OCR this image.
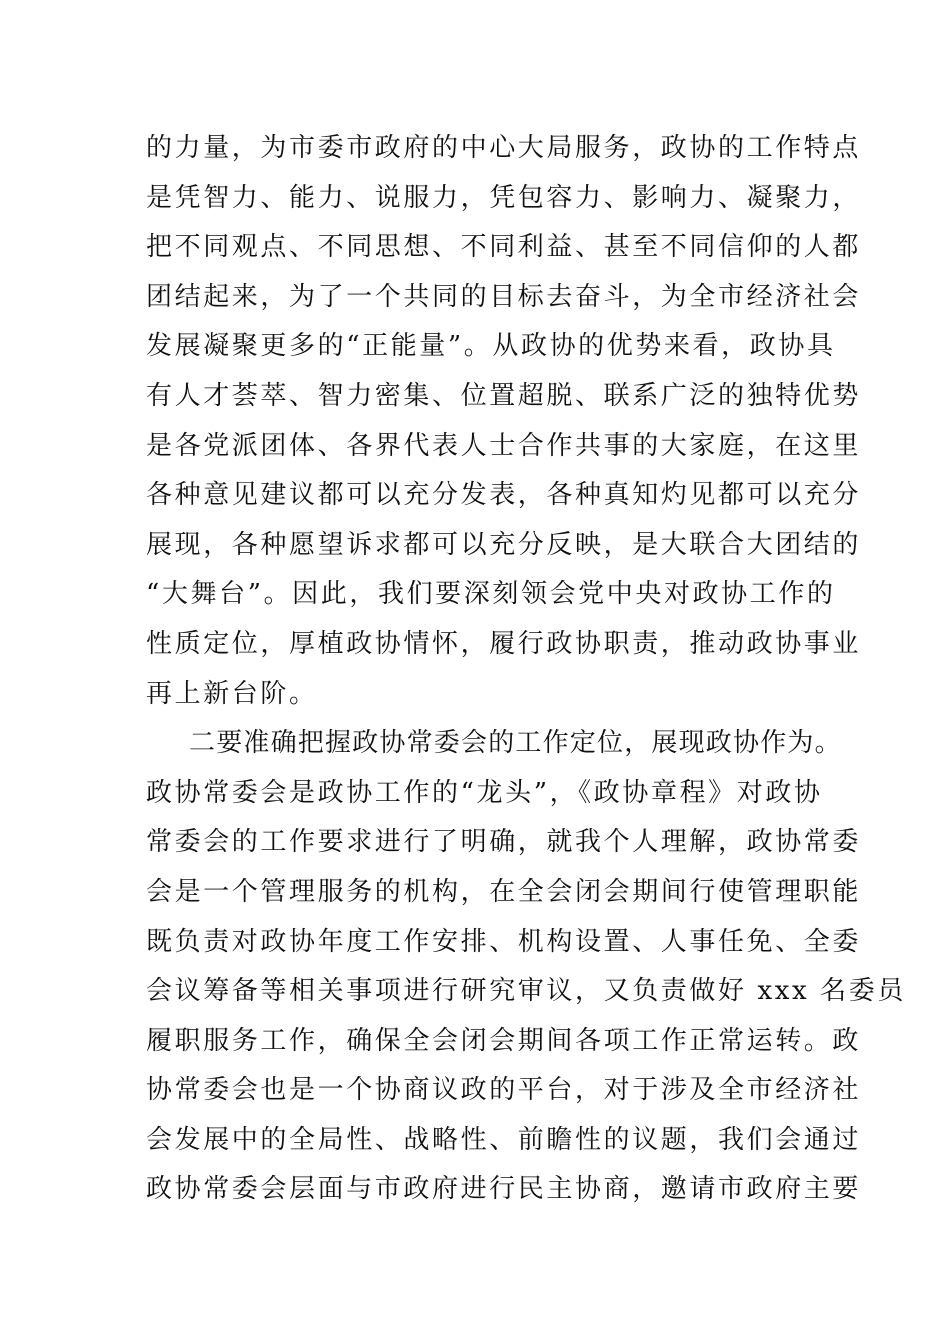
的力量，为市委市政府的中心大局服务，政协的工作特点
是凭智力、能力、说服力，凭包容力、影响力、凝聚力，
把不同观点、不同思想、不同利益、甚至不同信仰的人都
团结起来，为了一个共同的目标去奋斗，为全市经济社会
发展凝聚更多的“正能量”。从政协的优势来看，政协具
有人才荟萃、智力密集、位置超脱、联系广泛的独特优势
是各党派团体、各界代表人士合作共事的大家庭，在这里
各种意见建议都可以充分发表，各种真知灼见都可以充分
展现，各种愿望诉求都可以充分反映，是大联合大团结的
“大舞台”。因此，我们要深刻领会党中央对政协工作的
性质定位，厚植政协情怀，履行政协职责，推动政协事业
再上新台阶。
二要准确把握政协常委会的工作定位，展现政协作为。
政协常委会是政协工作的“龙头”，《政协章程》对政协
常委会的工作要求进行了明确，就我个人理解，政协常委
会是一个管理服务的机构，在全会闭会期间行使管理职能
既负责对政协年度工作安排、机构设置、人事任免、全委
会议筹备等相关事项进行研究审议，又负责做好 xxx 名委员
履职服务工作，确保全会闭会期间各项工作正常运转。政
协常委会也是一个协商议政的平台，对于涉及全市经济社
会发展中的全局性、战略性、前瞻性的议题，我们会通过
政协常委会层面与市政府进行民主协商，邀请市政府主要
